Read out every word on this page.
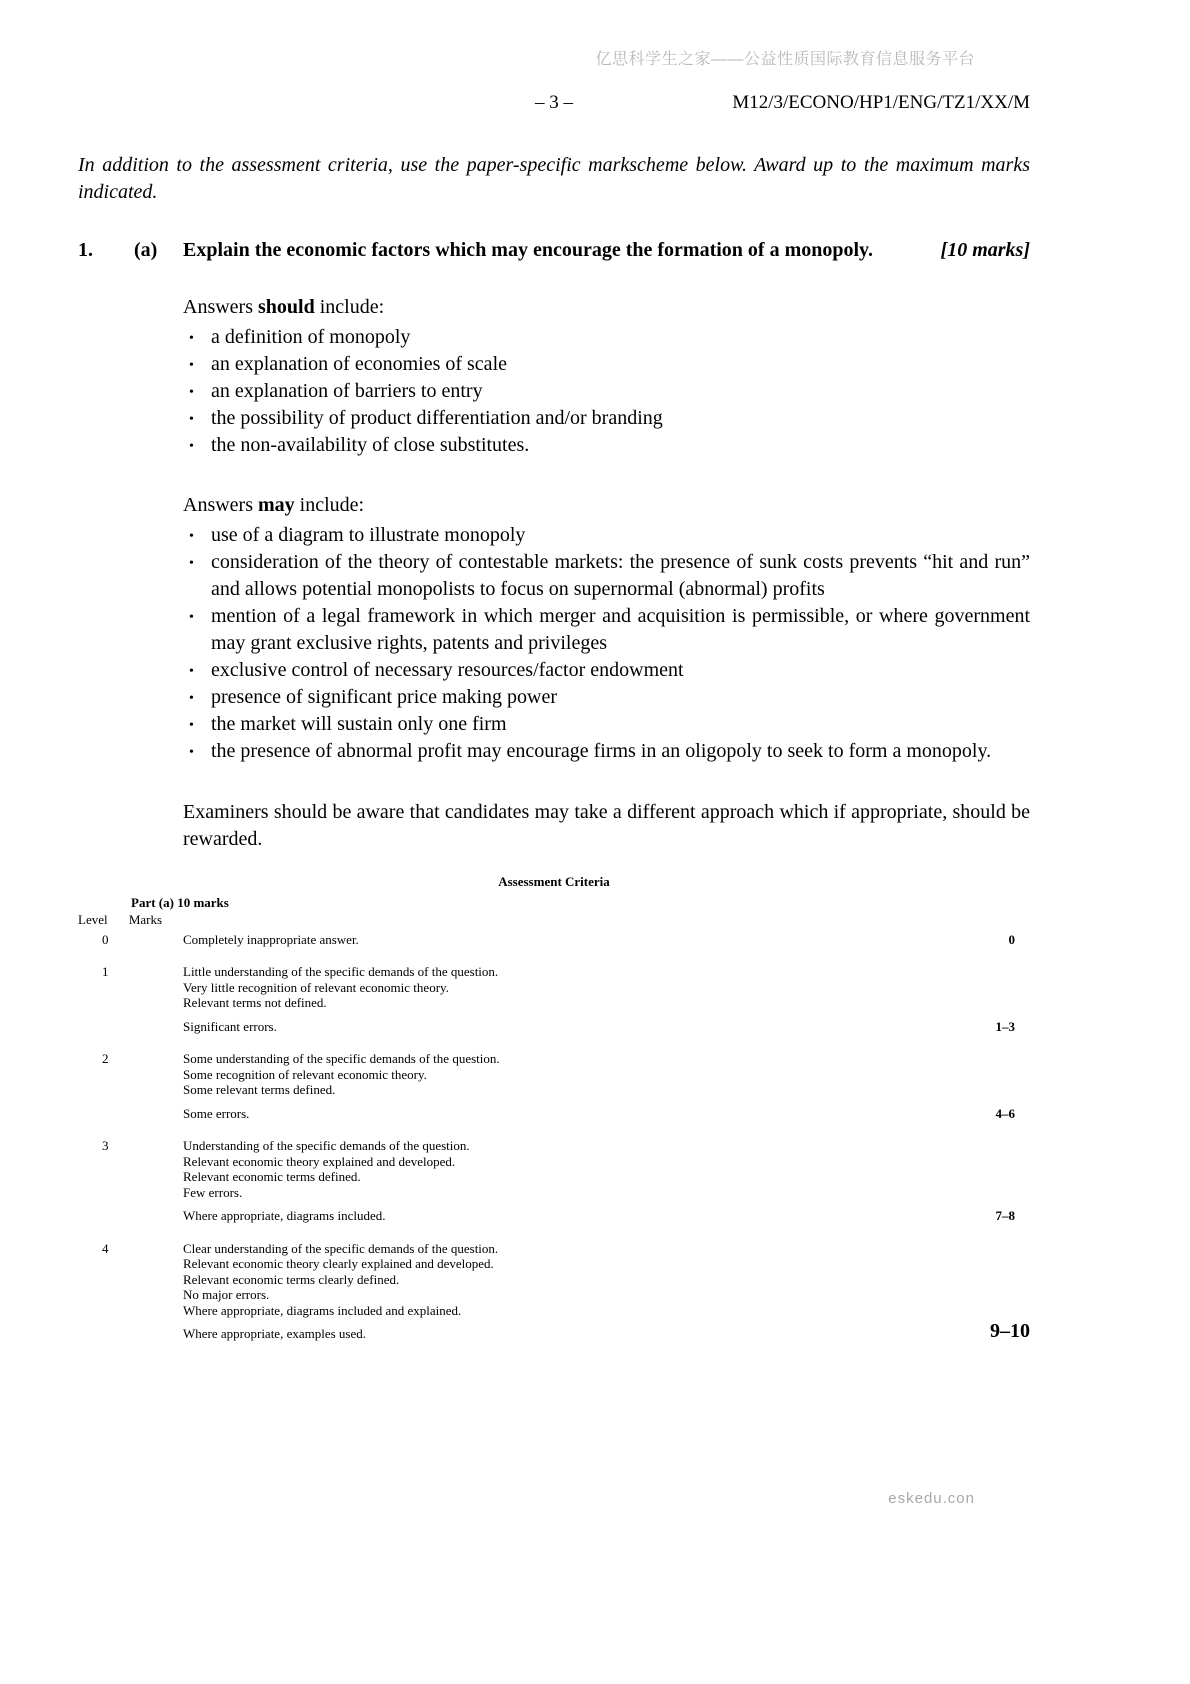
亿思科学生之家——公益性质国际教育信息服务平台
– 3 –	M12/3/ECONO/HP1/ENG/TZ1/XX/M

In addition to the assessment criteria, use the paper-specific markscheme below. Award up to the maximum marks indicated.

1.	(a)	Explain the economic factors which may encourage the formation of a monopoly.	[10 marks]

Answers should include:

• a definition of monopoly
• an explanation of economies of scale
• an explanation of barriers to entry
• the possibility of product differentiation and/or branding
• the non-availability of close substitutes.

Answers may include:

• use of a diagram to illustrate monopoly
• consideration of the theory of contestable markets: the presence of sunk costs prevents “hit and run” and allows potential monopolists to focus on supernormal (abnormal) profits
• mention of a legal framework in which merger and acquisition is permissible, or where government may grant exclusive rights, patents and privileges
• exclusive control of necessary resources/factor endowment
• presence of significant price making power
• the market will sustain only one firm
• the presence of abnormal profit may encourage firms in an oligopoly to seek to form a monopoly.

Examiners should be aware that candidates may take a different approach which if appropriate, should be rewarded.

Assessment Criteria
Part (a) 10 marks
Level Marks
0	Completely inappropriate answer.	0
1	Little understanding of the specific demands of the question.
Very little recognition of relevant economic theory.
Relevant terms not defined.
Significant errors.	1–3
2	Some understanding of the specific demands of the question.
Some recognition of relevant economic theory.
Some relevant terms defined.
Some errors.	4–6
3	Understanding of the specific demands of the question.
Relevant economic theory explained and developed.
Relevant economic terms defined.
Few errors.
Where appropriate, diagrams included.	7–8
4	Clear understanding of the specific demands of the question.
Relevant economic theory clearly explained and developed.
Relevant economic terms clearly defined.
No major errors.
Where appropriate, diagrams included and explained.
Where appropriate, examples used.	9–10
eskedu.con
